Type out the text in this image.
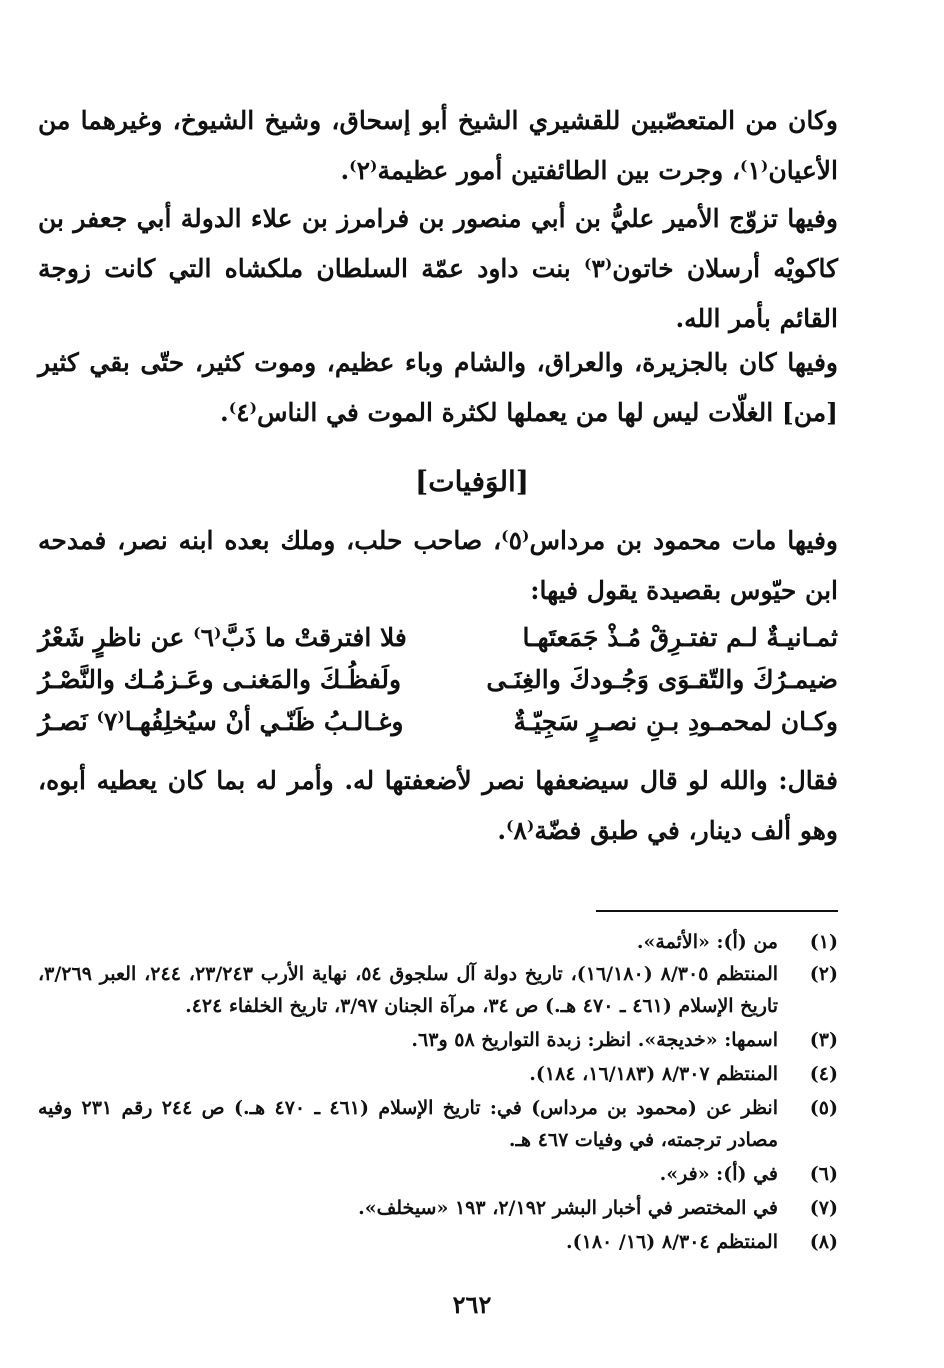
وكان من المتعصّبين للقشيري الشيخ أبو إسحاق، وشيخ الشيوخ، وغيرهما من الأعيان⁽١⁾، وجرت بين الطائفتين أمور عظيمة⁽٢⁾.

وفيها تزوّج الأمير عليُّ بن أبي منصور بن فرامرز بن علاء الدولة أبي جعفر بن كاكويْه أرسلان خاتون⁽٣⁾ بنت داود عمّة السلطان ملكشاه التي كانت زوجة القائم بأمر الله.

وفيها كان بالجزيرة، والعراق، والشام وباء عظيم، وموت كثير، حتّى بقي كثير [من] الغلّات ليس لها من يعملها لكثرة الموت في الناس⁽٤⁾.

[الوَفيات]

وفيها مات محمود بن مرداس⁽٥⁾، صاحب حلب، وملك بعده ابنه نصر، فمدحه ابن حيّوس بقصيدة يقول فيها:

ثمـانيـةٌ لـم تفتـرِقْ مُـذْ جَمَعتَهـا
فلا افترقتْ ما ذَبَّ⁽٦⁾ عن ناظرٍ شَعْرُ
ضيمـرُكَ والتّقـوَى وَجُـودكَ والغِنَـى
ولَفظُـكَ والمَغنـى وعَـزمُـك والنَّصْـرُ
وكـان لمحمـودِ بـنِ نصـرٍ سَجِيّـةٌ
وغـالـبُ ظَنّـي أنْ سيُخلِفُهـا⁽٧⁾ نَصـرُ

فقال: والله لو قال سيضعفها نصر لأضعفتها له. وأمر له بما كان يعطيه أبوه، وهو ألف دينار، في طبق فضّة⁽٨⁾.

(١)
من (أ): «الأئمة».
(٢)
المنتظم ٨/٣٠٥ (١٦/١٨٠)، تاريخ دولة آل سلجوق ٥٤، نهاية الأرب ٢٣/٢٤٣، ٢٤٤، العبر ٣/٢٦٩، تاريخ الإسلام (٤٦١ ـ ٤٧٠ هـ.) ص ٣٤، مرآة الجنان ٣/٩٧، تاريخ الخلفاء ٤٢٤.
(٣)
اسمها: «خديجة». انظر: زبدة التواريخ ٥٨ و٦٣.
(٤)
المنتظم ٨/٣٠٧ (١٦/١٨٣، ١٨٤).
(٥)
انظر عن (محمود بن مرداس) في: تاريخ الإسلام (٤٦١ ـ ٤٧٠ هـ.) ص ٢٤٤ رقم ٢٣١ وفيه مصادر ترجمته، في وفيات ٤٦٧ هـ.
(٦)
في (أ): «فر».
(٧)
في المختصر في أخبار البشر ٢/١٩٢، ١٩٣ «سيخلف».
(٨)
المنتظم ٨/٣٠٤ (١٦/ ١٨٠).
٢٦٢
